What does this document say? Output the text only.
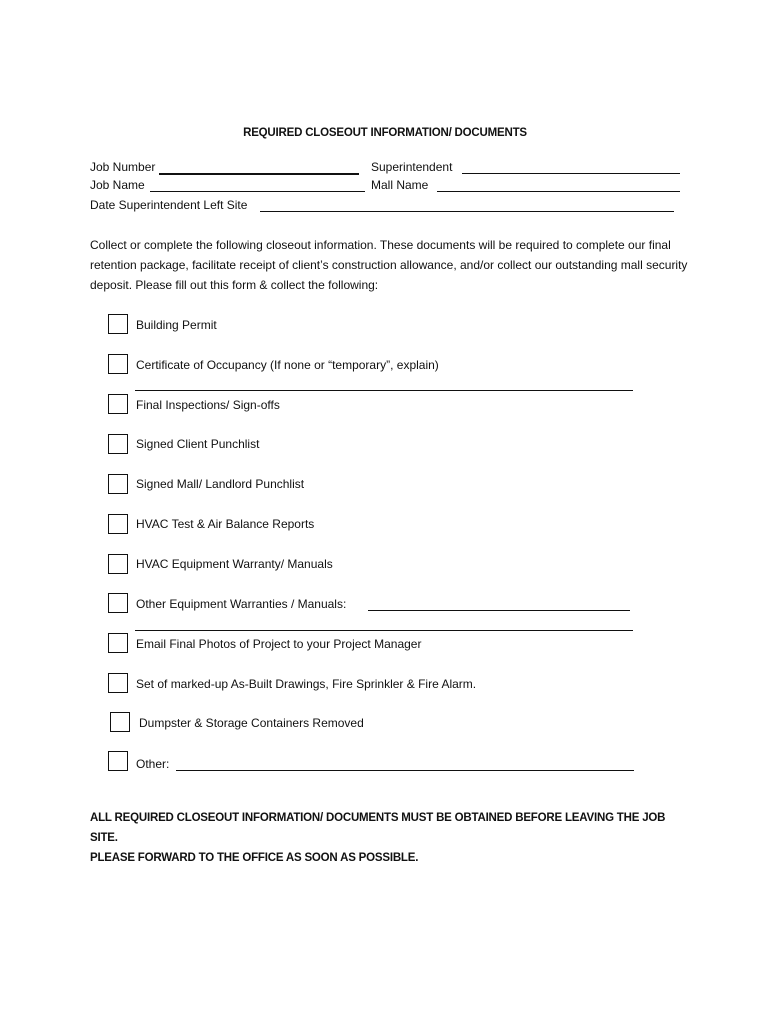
REQUIRED CLOSEOUT INFORMATION/ DOCUMENTS
Job Number	Superintendent
Job Name	Mall Name
Date Superintendent Left Site
Collect or complete the following closeout information. These documents will be required to complete our final retention package, facilitate receipt of client’s construction allowance, and/or collect our outstanding mall security deposit. Please fill out this form & collect the following:
Building Permit
Certificate of Occupancy (If none or “temporary”, explain)
Final Inspections/ Sign-offs
Signed Client Punchlist
Signed Mall/ Landlord Punchlist
HVAC Test & Air Balance Reports
HVAC Equipment Warranty/ Manuals
Other Equipment Warranties / Manuals:
Email Final Photos of Project to your Project Manager
Set of marked-up As-Built Drawings, Fire Sprinkler & Fire Alarm.
Dumpster & Storage Containers Removed
Other:
ALL REQUIRED CLOSEOUT INFORMATION/ DOCUMENTS MUST BE OBTAINED BEFORE LEAVING THE JOB SITE.
PLEASE FORWARD TO THE OFFICE AS SOON AS POSSIBLE.
